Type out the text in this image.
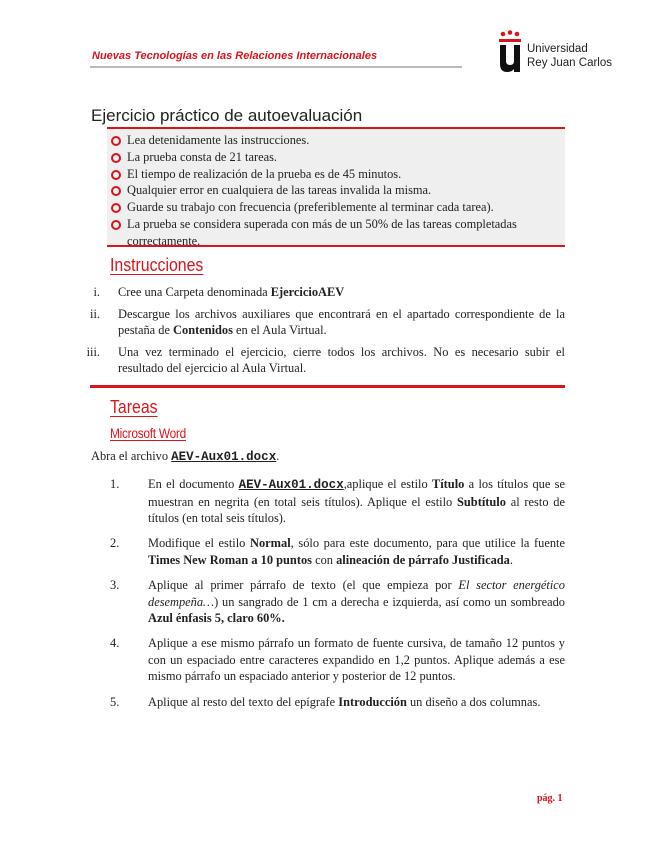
Nuevas Tecnologías en las Relaciones Internacionales
Universidad
Rey Juan Carlos
Ejercicio práctico de autoevaluación
Lea detenidamente las instrucciones.
La prueba consta de 21 tareas.
El tiempo de realización de la prueba es de 45 minutos.
Qualquier error en cualquiera de las tareas invalida la misma.
Guarde su trabajo con frecuencia (preferiblemente al terminar cada tarea).
La prueba se considera superada con más de un 50% de las tareas completadas correctamente.
Instrucciones
i. Cree una Carpeta denominada EjercicioAEV
ii. Descargue los archivos auxiliares que encontrará en el apartado correspondiente de la pestaña de Contenidos en el Aula Virtual.
iii. Una vez terminado el ejercicio, cierre todos los archivos. No es necesario subir el resultado del ejercicio al Aula Virtual.
Tareas
Microsoft Word
Abra el archivo AEV-Aux01.docx.
1. En el documento AEV-Aux01.docx,aplique el estilo Título a los títulos que se muestran en negrita (en total seis títulos). Aplique el estilo Subtítulo al resto de títulos (en total seis títulos).
2. Modifique el estilo Normal, sólo para este documento, para que utilice la fuente Times New Roman a 10 puntos con alineación de párrafo Justificada.
3. Aplique al primer párrafo de texto (el que empieza por El sector energético desempeña…) un sangrado de 1 cm a derecha e izquierda, así como un sombreado Azul énfasis 5, claro 60%.
4. Aplique a ese mismo párrafo un formato de fuente cursiva, de tamaño 12 puntos y con un espaciado entre caracteres expandido en 1,2 puntos. Aplique además a ese mismo párrafo un espaciado anterior y posterior de 12 puntos.
5. Aplique al resto del texto del epígrafe Introducción un diseño a dos columnas.
pág. 1
